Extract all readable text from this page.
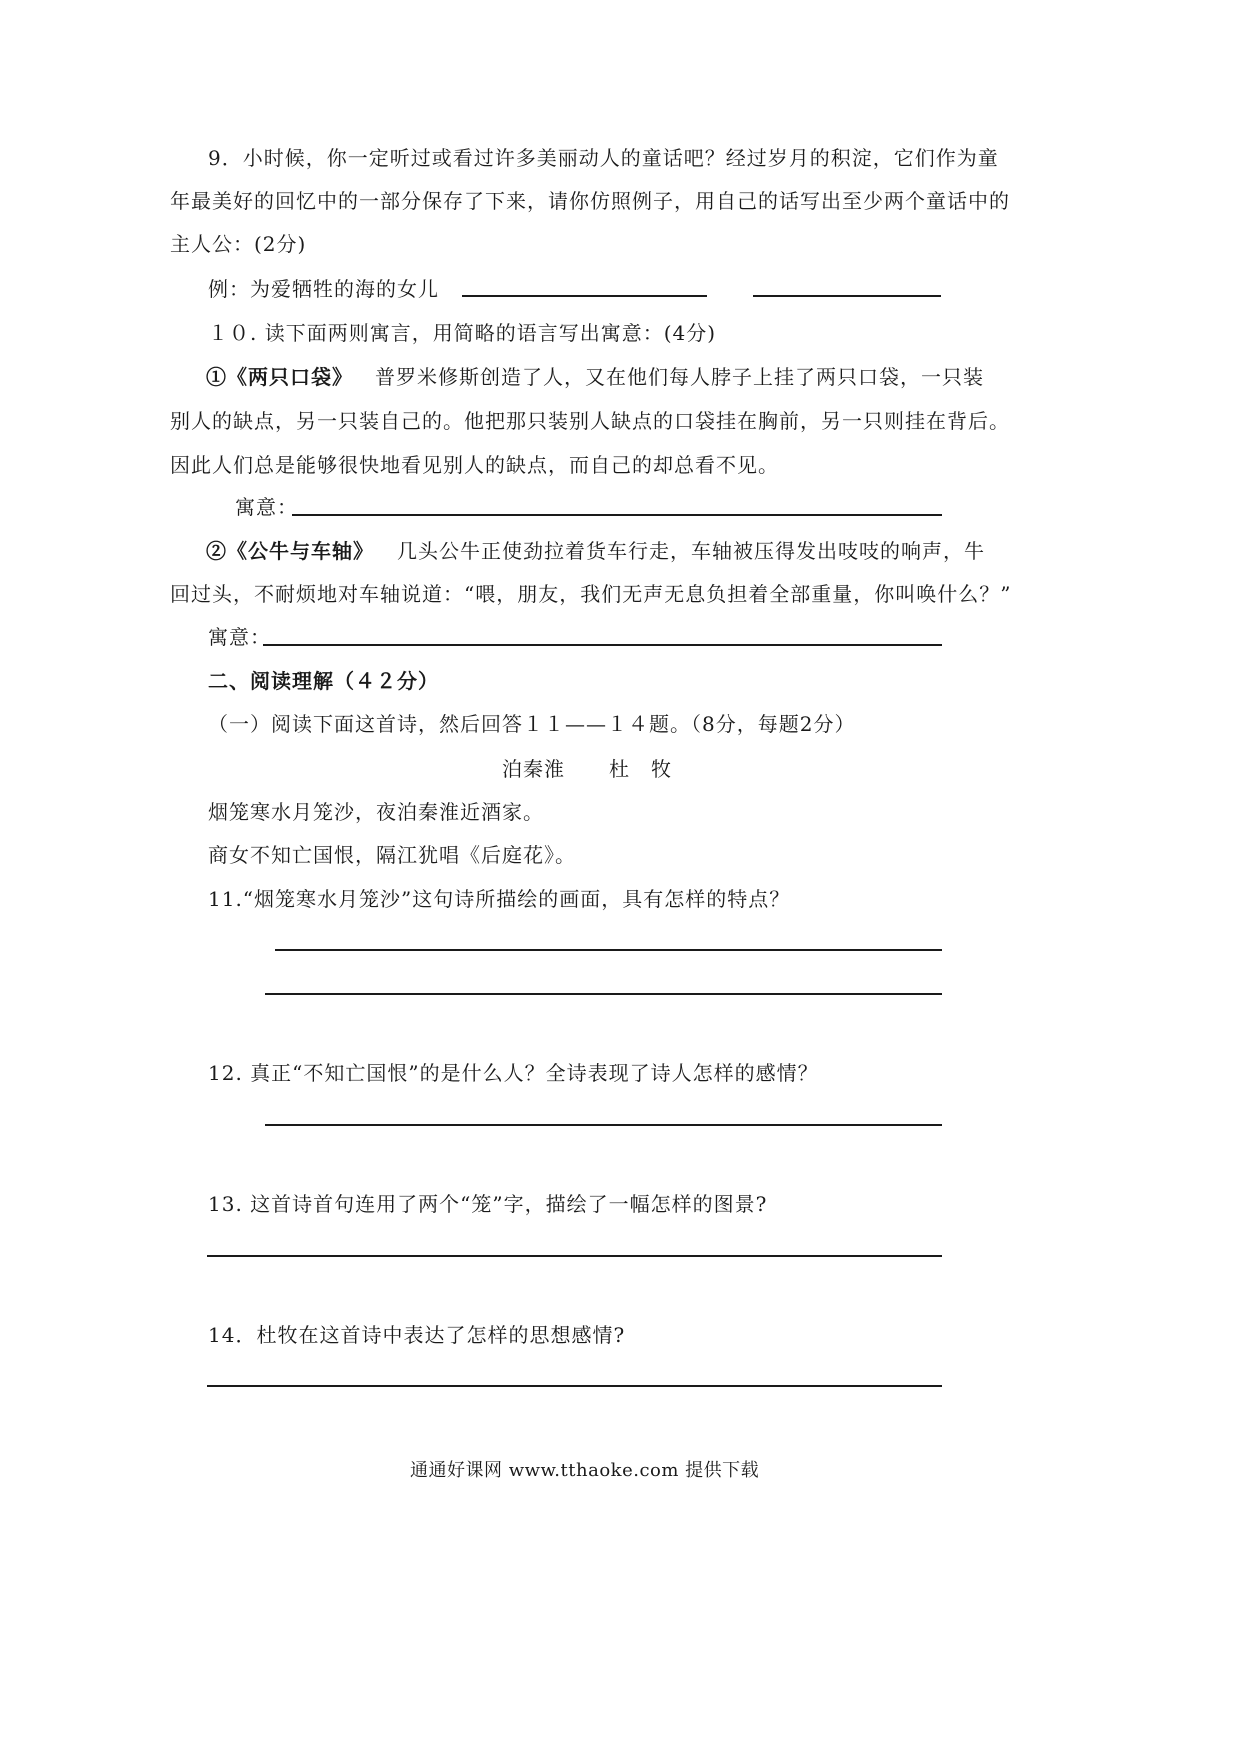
9．小时候，你一定听过或看过许多美丽动人的童话吧？经过岁月的积淀，它们作为童
年最美好的回忆中的一部分保存了下来，请你仿照例子，用自己的话写出至少两个童话中的
主人公：(2分)
例：为爱牺牲的海的女儿
１０. 读下面两则寓言，用简略的语言写出寓意：(4分)
①《两只口袋》 普罗米修斯创造了人，又在他们每人脖子上挂了两只口袋，一只装
别人的缺点，另一只装自己的。他把那只装别人缺点的口袋挂在胸前，另一只则挂在背后。
因此人们总是能够很快地看见别人的缺点，而自己的却总看不见。
寓意：
②《公牛与车轴》 几头公牛正使劲拉着货车行走，车轴被压得发出吱吱的响声，牛
回过头，不耐烦地对车轴说道：“喂，朋友，我们无声无息负担着全部重量，你叫唤什么？”
寓意：
二、阅读理解（４２分）
（一）阅读下面这首诗，然后回答１１——１４题。（8分，每题2分）
泊秦淮 杜　牧
烟笼寒水月笼沙，夜泊秦淮近酒家。
商女不知亡国恨，隔江犹唱《后庭花》。
11.“烟笼寒水月笼沙”这句诗所描绘的画面，具有怎样的特点？
12. 真正“不知亡国恨”的是什么人？全诗表现了诗人怎样的感情？
13. 这首诗首句连用了两个“笼”字，描绘了一幅怎样的图景?
14．杜牧在这首诗中表达了怎样的思想感情?
通通好课网 www.tthaoke.com 提供下载
